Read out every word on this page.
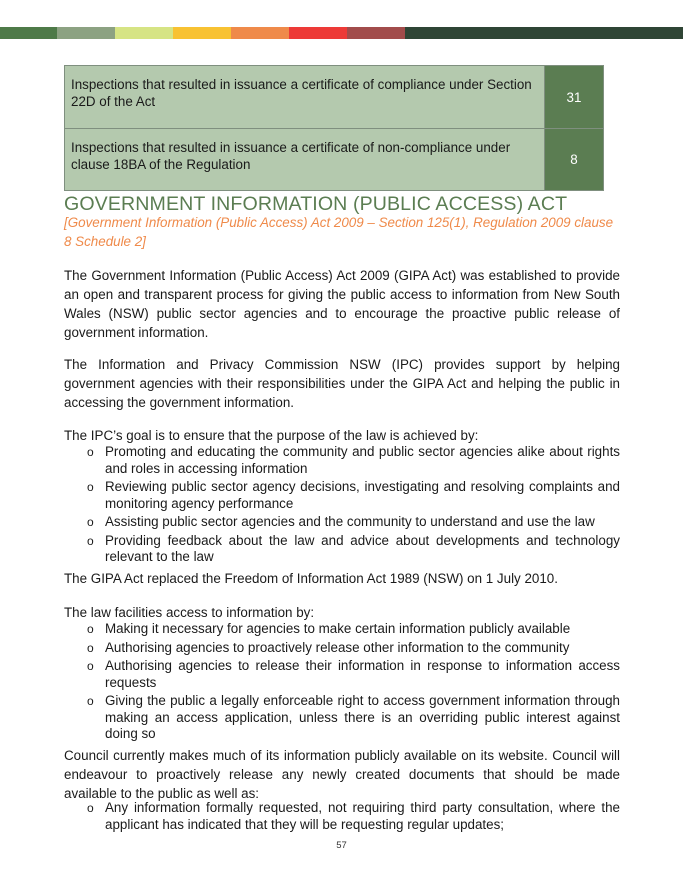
Inspections that resulted in issuance a certificate of compliance under Section 22D of the Act	31
Inspections that resulted in issuance a certificate of non-compliance under clause 18BA of the Regulation	8
GOVERNMENT INFORMATION (PUBLIC ACCESS) ACT

[Government Information (Public Access) Act 2009 – Section 125(1), Regulation 2009 clause 8 Schedule 2]

The Government Information (Public Access) Act 2009 (GIPA Act) was established to provide an open and transparent process for giving the public access to information from New South Wales (NSW) public sector agencies and to encourage the proactive public release of government information.

The Information and Privacy Commission NSW (IPC) provides support by helping government agencies with their responsibilities under the GIPA Act and helping the public in accessing the government information.

The IPC’s goal is to ensure that the purpose of the law is achieved by:

o Promoting and educating the community and public sector agencies alike about rights and roles in accessing information
o Reviewing public sector agency decisions, investigating and resolving complaints and monitoring agency performance
o Assisting public sector agencies and the community to understand and use the law
o Providing feedback about the law and advice about developments and technology relevant to the law

The GIPA Act replaced the Freedom of Information Act 1989 (NSW) on 1 July 2010.

The law facilities access to information by:

o Making it necessary for agencies to make certain information publicly available
o Authorising agencies to proactively release other information to the community
o Authorising agencies to release their information in response to information access requests
o Giving the public a legally enforceable right to access government information through making an access application, unless there is an overriding public interest against doing so

Council currently makes much of its information publicly available on its website. Council will endeavour to proactively release any newly created documents that should be made available to the public as well as:

o Any information formally requested, not requiring third party consultation, where the applicant has indicated that they will be requesting regular updates;
57
